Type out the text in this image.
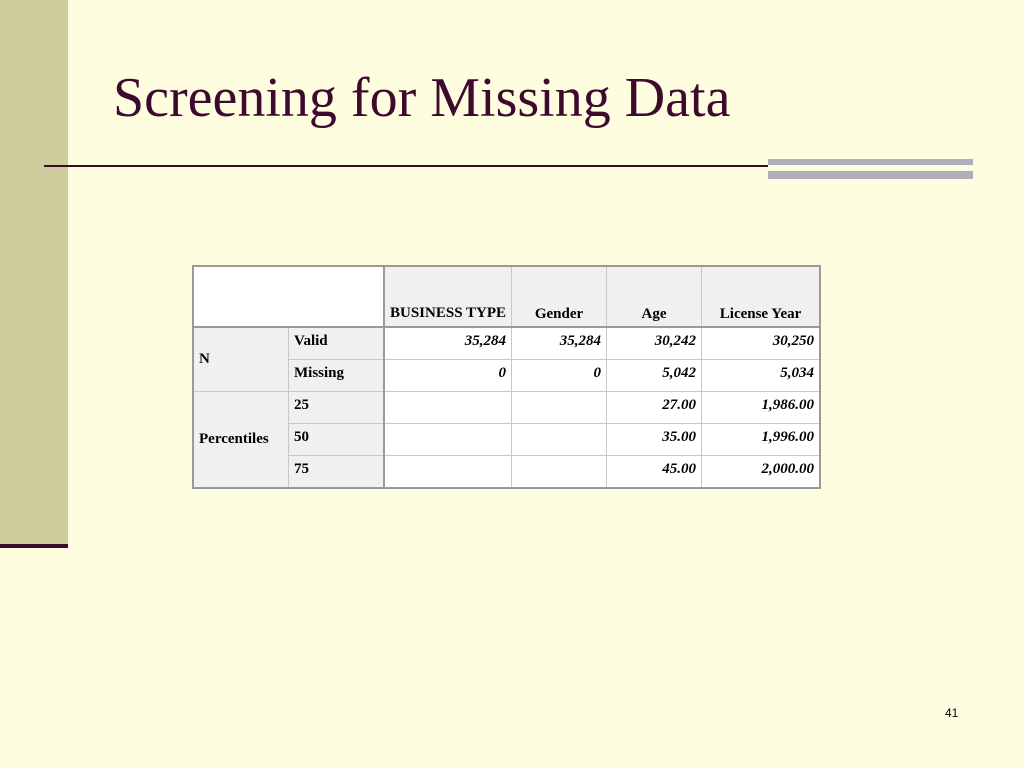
Screening for Missing Data
		BUSINESS TYPE	Gender	Age	License Year
N	Valid	35,284	35,284	30,242	30,250
	Missing	0	0	5,042	5,034
Percentiles	25			27.00	1,986.00
	50			35.00	1,996.00
	75			45.00	2,000.00
41
